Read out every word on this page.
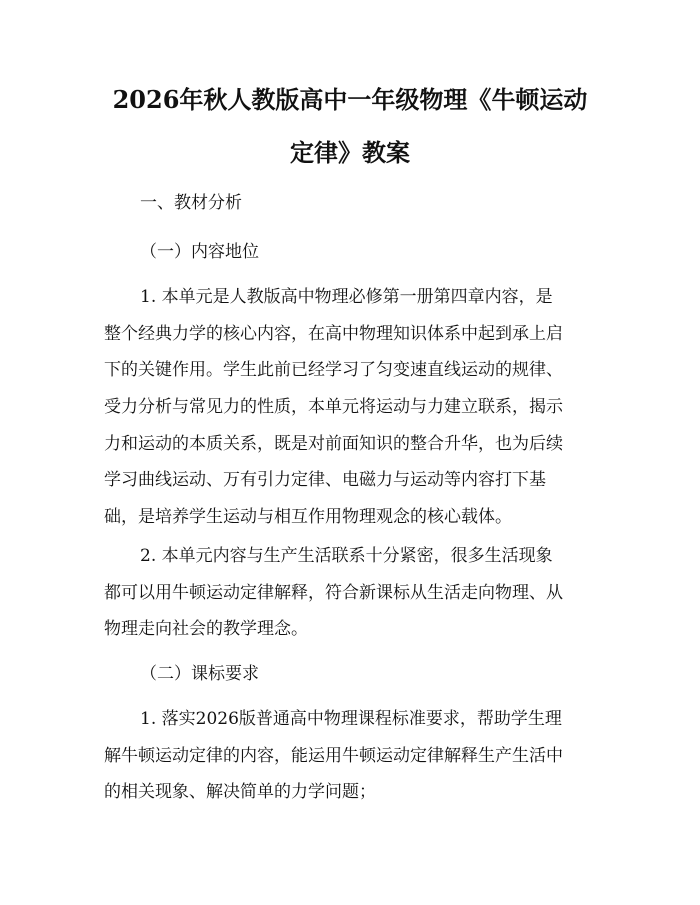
2026年秋人教版高中一年级物理《牛顿运动
定律》教案
一、教材分析
（一）内容地位
1. 本单元是人教版高中物理必修第一册第四章内容，是
整个经典力学的核心内容，在高中物理知识体系中起到承上启
下的关键作用。学生此前已经学习了匀变速直线运动的规律、
受力分析与常见力的性质，本单元将运动与力建立联系，揭示
力和运动的本质关系，既是对前面知识的整合升华，也为后续
学习曲线运动、万有引力定律、电磁力与运动等内容打下基
础，是培养学生运动与相互作用物理观念的核心载体。
2. 本单元内容与生产生活联系十分紧密，很多生活现象
都可以用牛顿运动定律解释，符合新课标从生活走向物理、从
物理走向社会的教学理念。
（二）课标要求
1. 落实2026版普通高中物理课程标准要求，帮助学生理
解牛顿运动定律的内容，能运用牛顿运动定律解释生产生活中
的相关现象、解决简单的力学问题；
